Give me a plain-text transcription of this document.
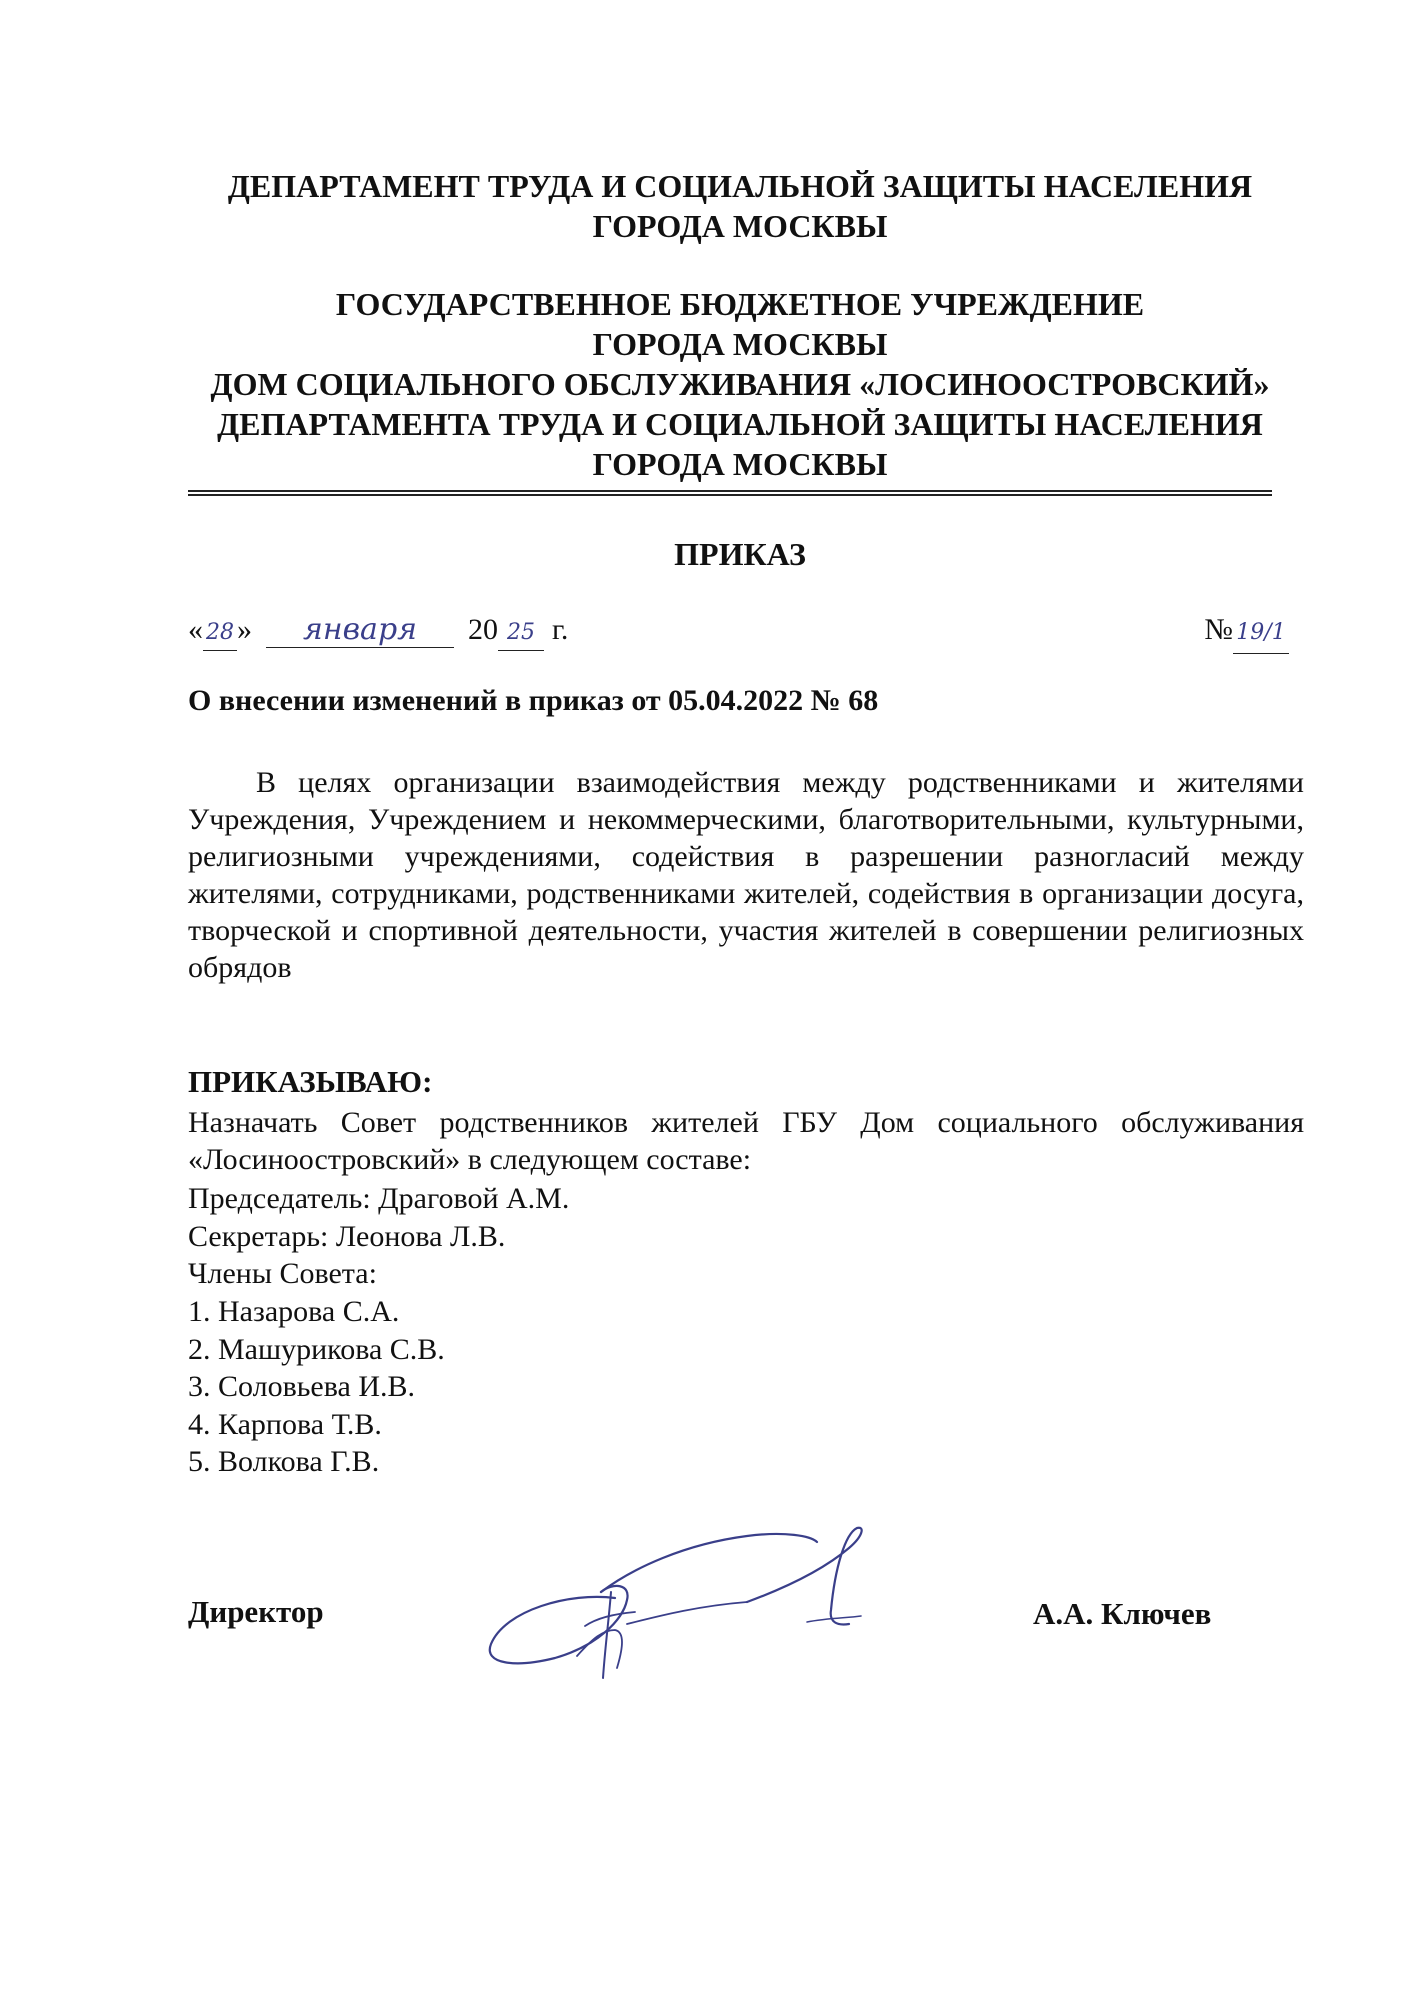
ДЕПАРТАМЕНТ ТРУДА И СОЦИАЛЬНОЙ ЗАЩИТЫ НАСЕЛЕНИЯ
ГОРОДА МОСКВЫ
ГОСУДАРСТВЕННОЕ БЮДЖЕТНОЕ УЧРЕЖДЕНИЕ
ГОРОДА МОСКВЫ
ДОМ СОЦИАЛЬНОГО ОБСЛУЖИВАНИЯ «ЛОСИНООСТРОВСКИЙ»
ДЕПАРТАМЕНТА ТРУДА И СОЦИАЛЬНОЙ ЗАЩИТЫ НАСЕЛЕНИЯ
ГОРОДА МОСКВЫ
ПРИКАЗ
« 28 » января 20 25 г.	№ 19/1
О внесении изменений в приказ от 05.04.2022 № 68
В целях организации взаимодействия между родственниками и жителями Учреждения, Учреждением и некоммерческими, благотворительными, культурными, религиозными учреждениями, содействия в разрешении разногласий между жителями, сотрудниками, родственниками жителей, содействия в организации досуга, творческой и спортивной деятельности, участия жителей в совершении религиозных обрядов
ПРИКАЗЫВАЮ:
Назначать Совет родственников жителей ГБУ Дом социального обслуживания «Лосиноостровский» в следующем составе:
Председатель: Драговой А.М.
Секретарь: Леонова Л.В.
Члены Совета:
1. Назарова С.А.
2. Машурикова С.В.
3. Соловьева И.В.
4. Карпова Т.В.
5. Волкова Г.В.
Директор	А.А. Ключев
